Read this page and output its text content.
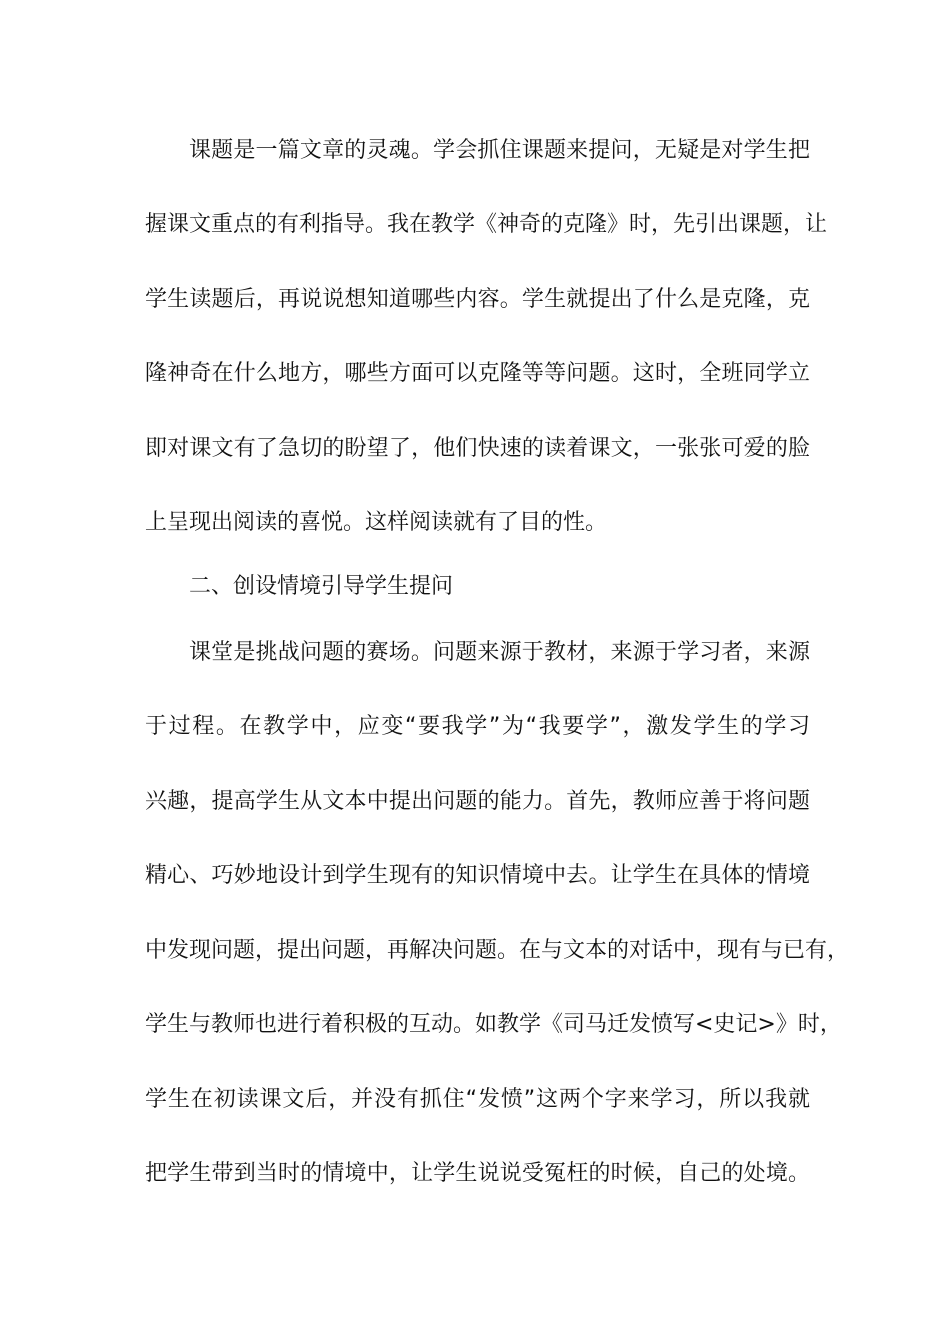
课题是一篇文章的灵魂。学会抓住课题来提问，无疑是对学生把
握课文重点的有利指导。我在教学《神奇的克隆》时，先引出课题，让
学生读题后，再说说想知道哪些内容。学生就提出了什么是克隆，克
隆神奇在什么地方，哪些方面可以克隆等等问题。这时，全班同学立
即对课文有了急切的盼望了，他们快速的读着课文，一张张可爱的脸
上呈现出阅读的喜悦。这样阅读就有了目的性。
二、创设情境引导学生提问
课堂是挑战问题的赛场。问题来源于教材，来源于学习者，来源
于过程。在教学中，应变“要我学”为“我要学”，激发学生的学习
兴趣，提高学生从文本中提出问题的能力。首先，教师应善于将问题
精心、巧妙地设计到学生现有的知识情境中去。让学生在具体的情境
中发现问题，提出问题，再解决问题。在与文本的对话中，现有与已有，
学生与教师也进行着积极的互动。如教学《司马迁发愤写<史记>》时，
学生在初读课文后，并没有抓住“发愤”这两个字来学习，所以我就
把学生带到当时的情境中，让学生说说受冤枉的时候，自己的处境。
